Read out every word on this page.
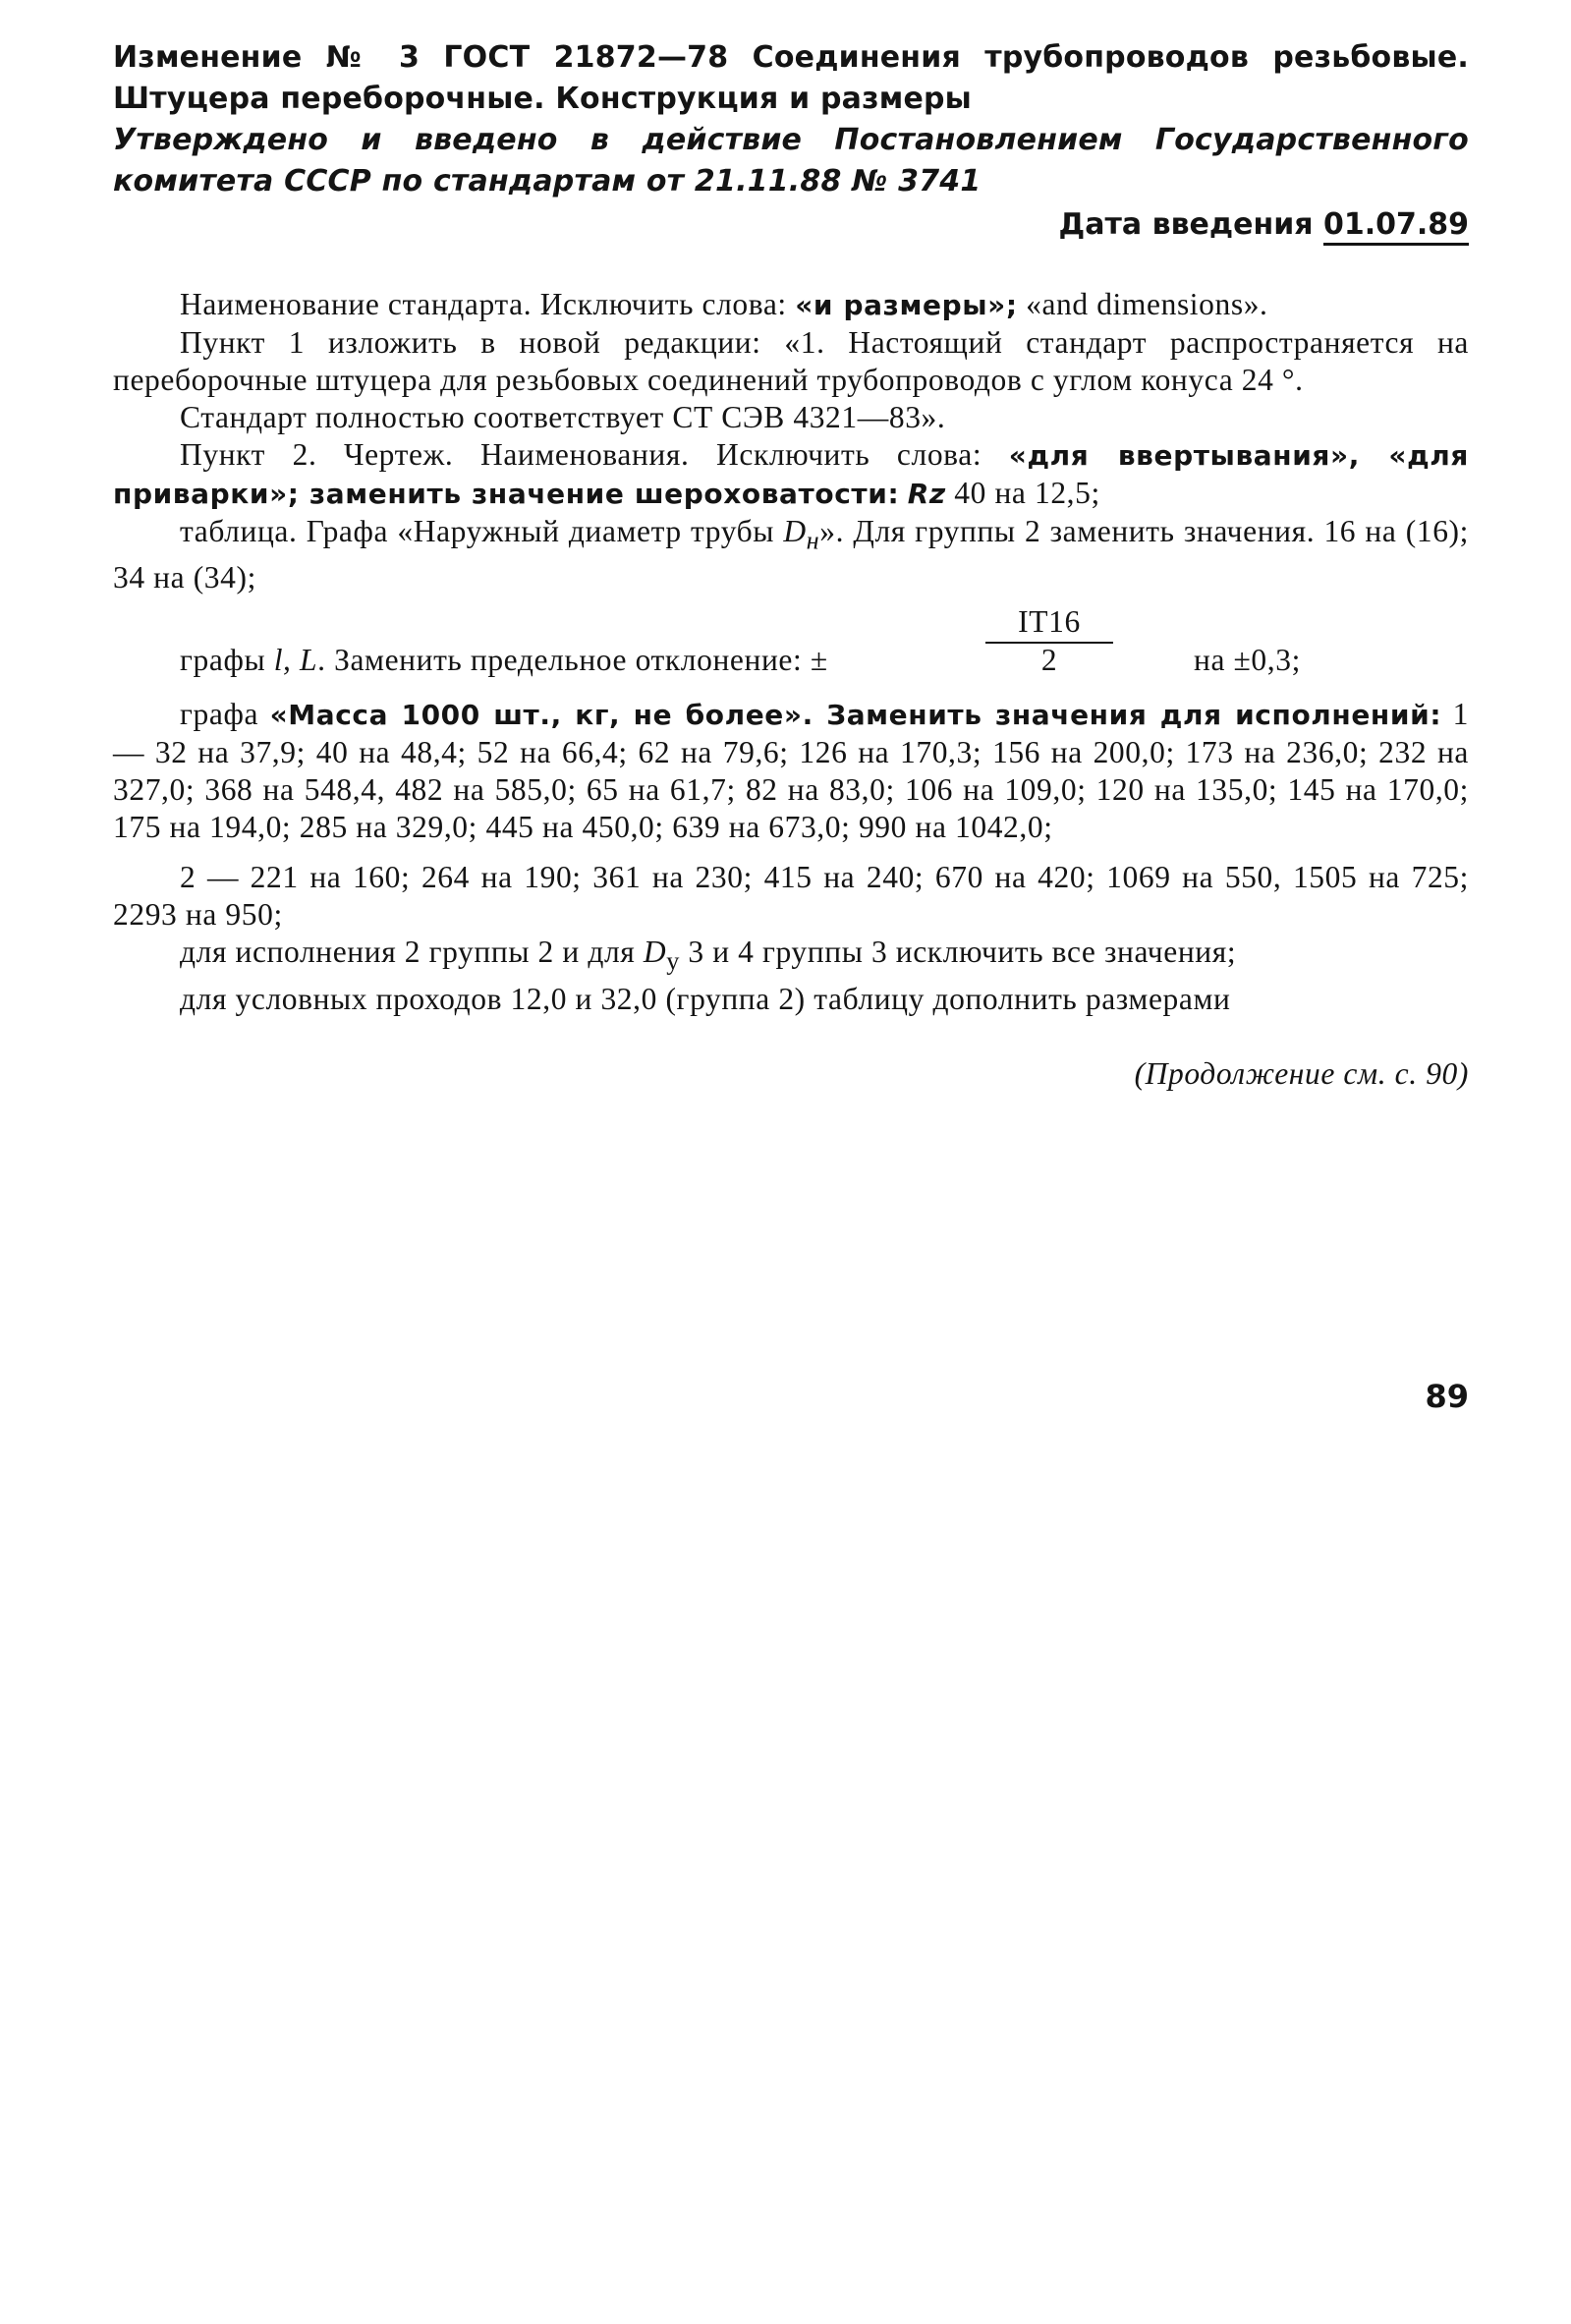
Изменение № 3 ГОСТ 21872—78 Соединения трубопроводов резьбовые. Штуцера переборочные. Конструкция и размеры
Утверждено и введено в действие Постановлением Государственного комитета СССР по стандартам от 21.11.88 № 3741
Дата введения 01.07.89
Наименование стандарта. Исключить слова: «и размеры»; «and dimensions».
Пункт 1 изложить в новой редакции: «1. Настоящий стандарт распространяется на переборочные штуцера для резьбовых соединений трубопроводов с углом конуса 24 °.
Стандарт полностью соответствует СТ СЭВ 4321—83».
Пункт 2. Чертеж. Наименования. Исключить слова: «для ввертывания», «для приварки»; заменить значение шероховатости: Rz 40 на 12,5;
таблица. Графа «Наружный диаметр трубы $D_н$». Для группы 2 заменить значения. 16 на (16); 34 на (34);
графы l, L. Заменить предельное отклонение: ±	$\frac{IT16}{2}$	на ±0,3;
графа «Масса 1000 шт., кг, не более». Заменить значения для исполнений: 1 — 32 на 37,9; 40 на 48,4; 52 на 66,4; 62 на 79,6; 126 на 170,3; 156 на 200,0; 173 на 236,0; 232 на 327,0; 368 на 548,4, 482 на 585,0; 65 на 61,7; 82 на 83,0; 106 на 109,0; 120 на 135,0; 145 на 170,0; 175 на 194,0; 285 на 329,0; 445 на 450,0; 639 на 673,0; 990 на 1042,0;
2 — 221 на 160; 264 на 190; 361 на 230; 415 на 240; 670 на 420; 1069 на 550, 1505 на 725; 2293 на 950;
для исполнения 2 группы 2 и для $D_у$ 3 и 4 группы 3 исключить все значения;
для условных проходов 12,0 и 32,0 (группа 2) таблицу дополнить размерами
(Продолжение см. с. 90)
89
